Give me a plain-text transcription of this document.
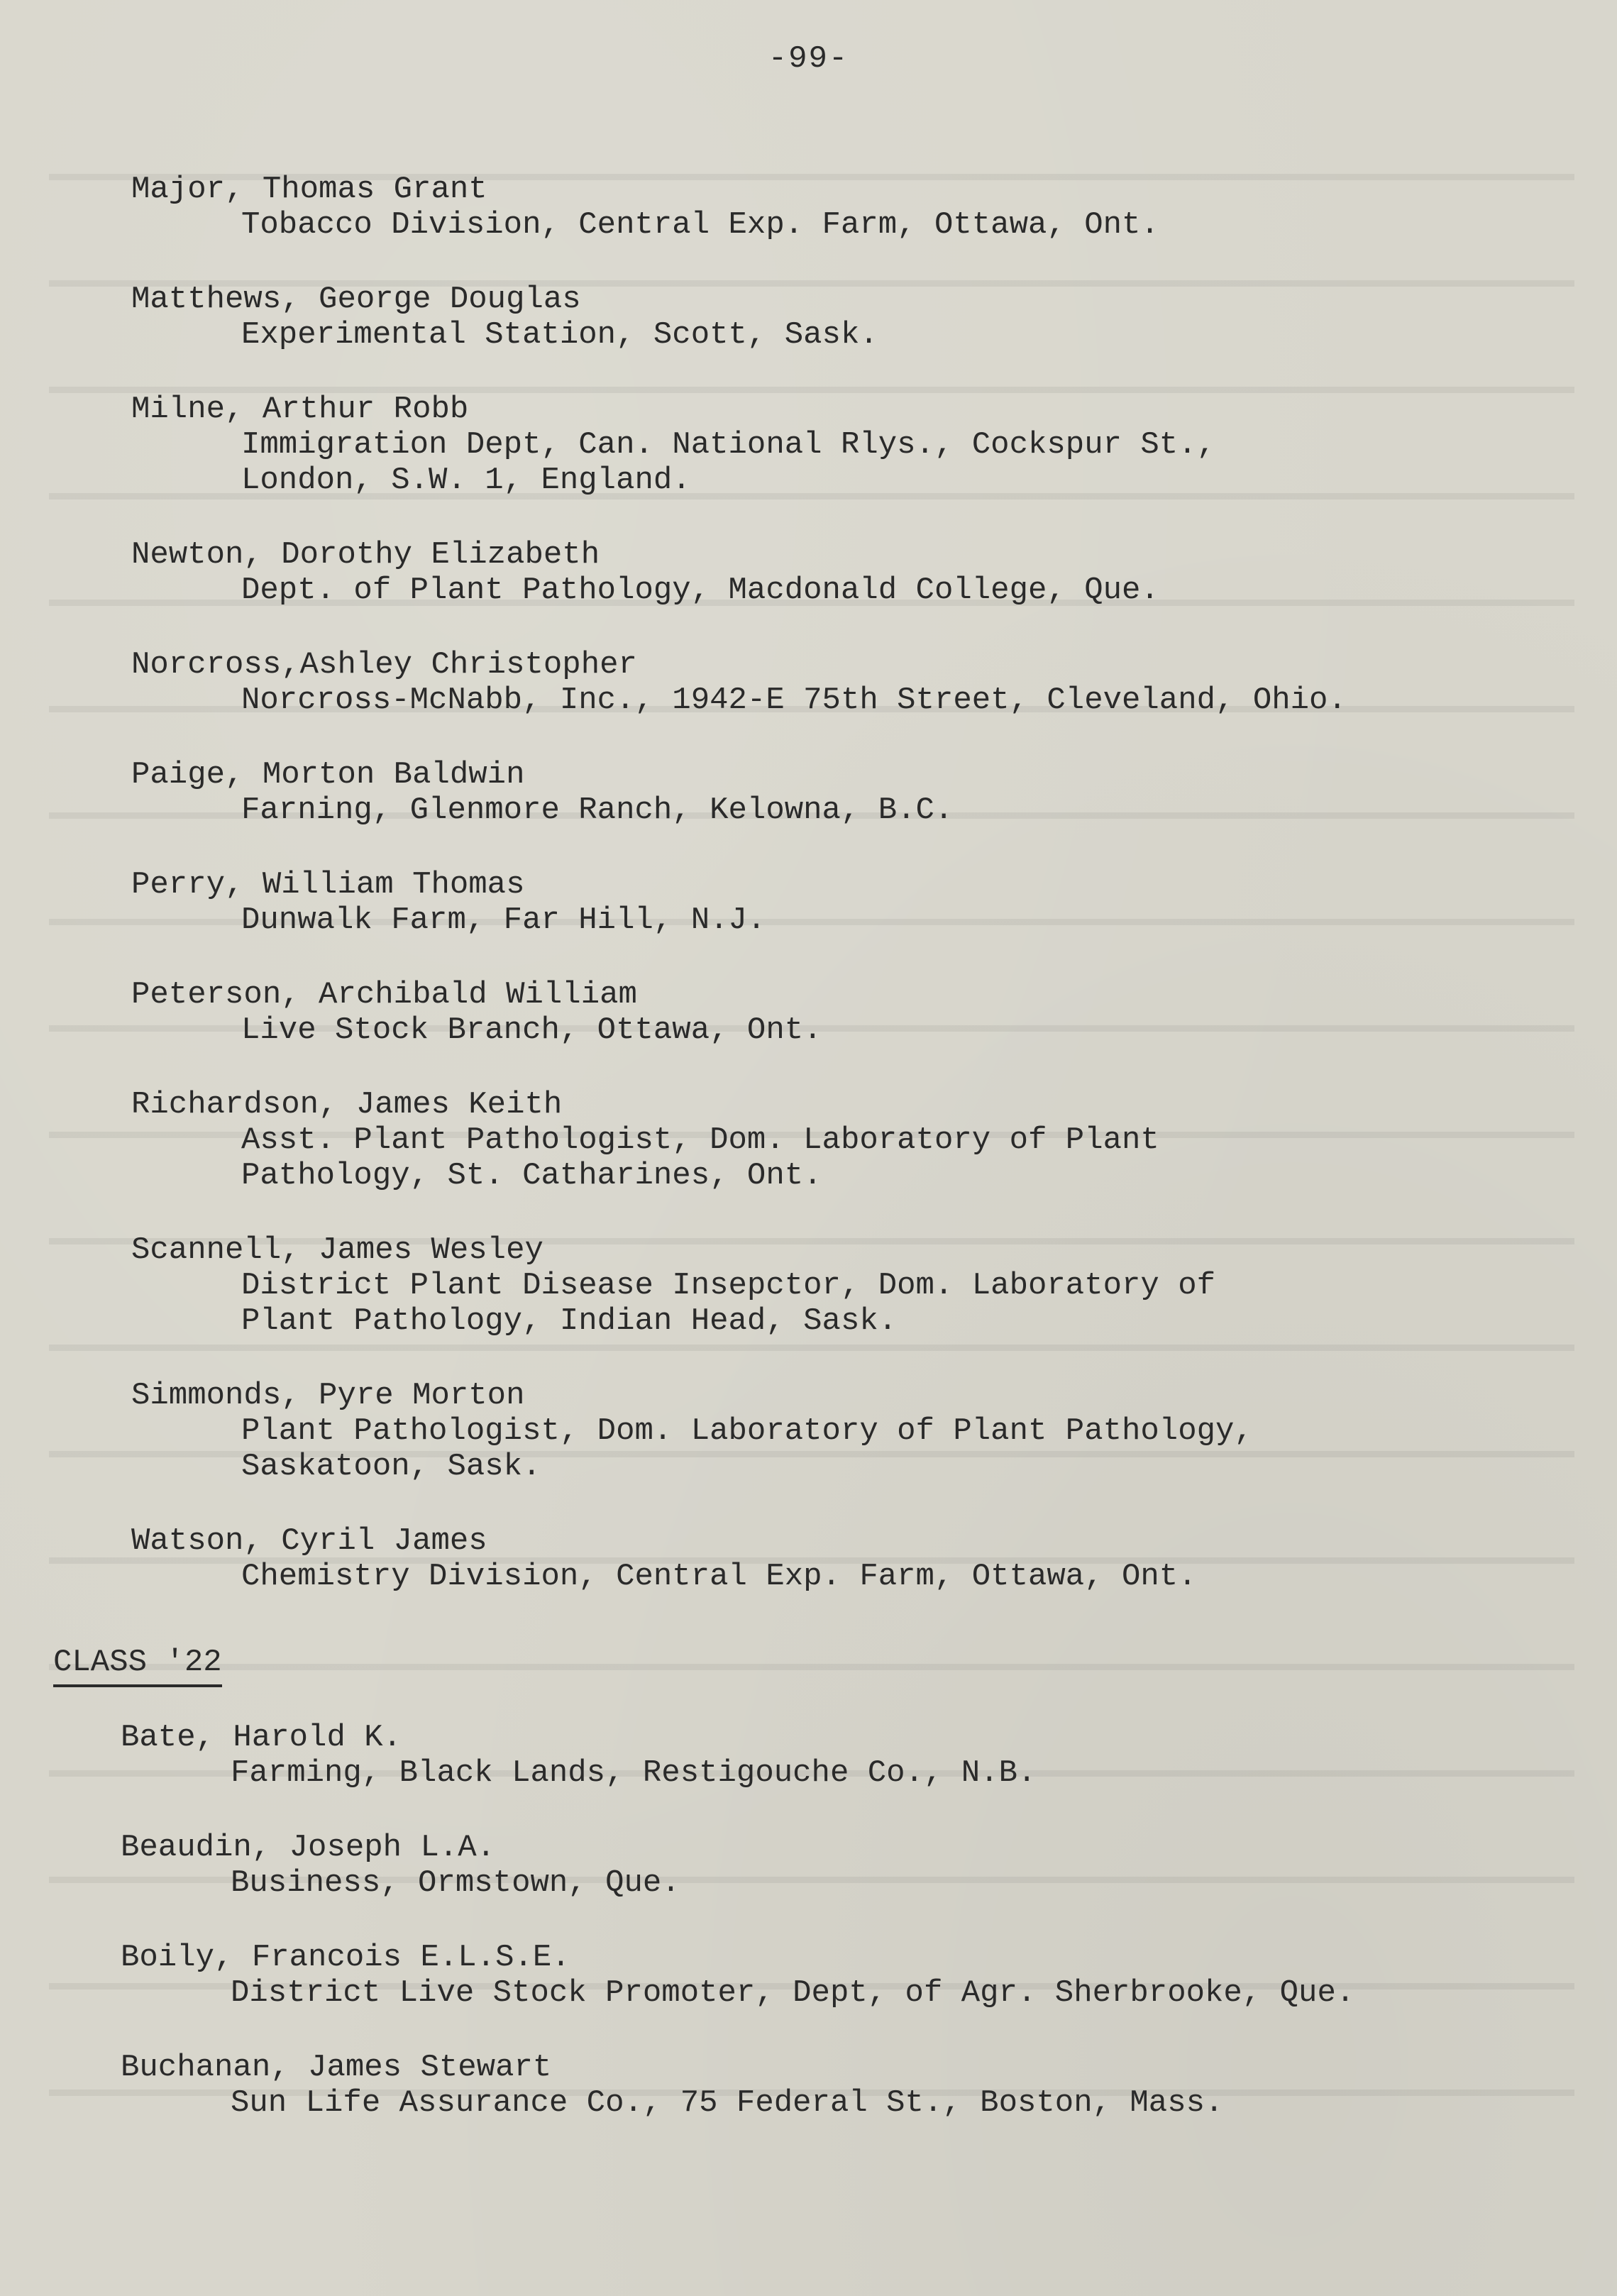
-99-
Major, Thomas Grant
Tobacco Division, Central Exp. Farm, Ottawa, Ont.
Matthews, George Douglas
Experimental Station, Scott, Sask.
Milne, Arthur Robb
Immigration Dept, Can. National Rlys., Cockspur St.,
London, S.W. 1, England.
Newton, Dorothy Elizabeth
Dept. of Plant Pathology, Macdonald College, Que.
Norcross,Ashley Christopher
Norcross-McNabb, Inc., 1942-E 75th Street, Cleveland, Ohio.
Paige, Morton Baldwin
Farning, Glenmore Ranch, Kelowna, B.C.
Perry, William Thomas
Dunwalk Farm, Far Hill, N.J.
Peterson, Archibald William
Live Stock Branch, Ottawa, Ont.
Richardson, James Keith
Asst. Plant Pathologist, Dom. Laboratory of Plant
Pathology, St. Catharines, Ont.
Scannell, James Wesley
District Plant Disease Insepctor, Dom. Laboratory of
Plant Pathology, Indian Head, Sask.
Simmonds, Pyre Morton
Plant Pathologist, Dom. Laboratory of Plant Pathology,
Saskatoon, Sask.
Watson, Cyril James
Chemistry Division, Central Exp. Farm, Ottawa, Ont.
CLASS '22
Bate, Harold K.
Farming, Black Lands, Restigouche Co., N.B.
Beaudin, Joseph L.A.
Business, Ormstown, Que.
Boily, Francois E.L.S.E.
District Live Stock Promoter, Dept, of Agr. Sherbrooke, Que.
Buchanan, James Stewart
Sun Life Assurance Co., 75 Federal St., Boston, Mass.
